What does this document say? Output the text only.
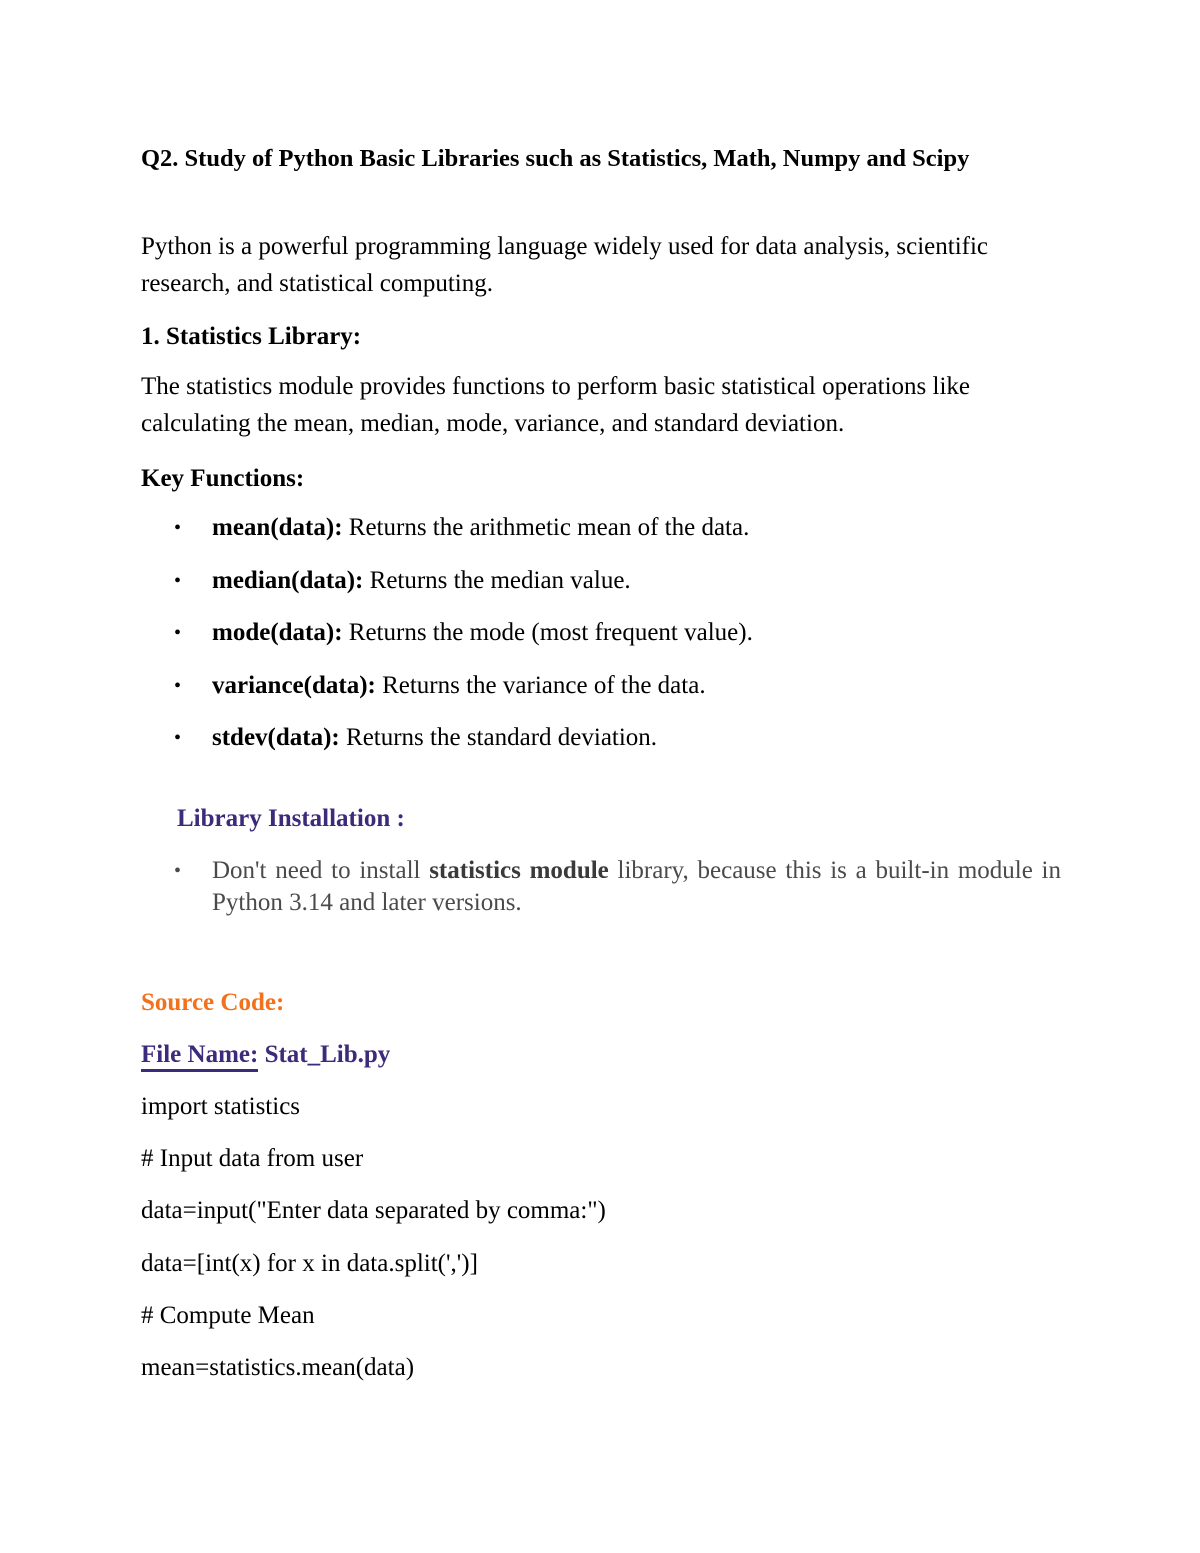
Q2. Study of Python Basic Libraries such as Statistics, Math, Numpy and Scipy

Python is a powerful programming language widely used for data analysis, scientific research, and statistical computing.

1. Statistics Library:

The statistics module provides functions to perform basic statistical operations like calculating the mean, median, mode, variance, and standard deviation.

Key Functions:

• mean(data): Returns the arithmetic mean of the data.
• median(data): Returns the median value.
• mode(data): Returns the mode (most frequent value).
• variance(data): Returns the variance of the data.
• stdev(data): Returns the standard deviation.

Library Installation :

• Don't need to install statistics module library, because this is a built-in module in Python 3.14 and later versions.

Source Code:

File Name: Stat_Lib.py

import statistics
# Input data from user
data=input("Enter data separated by comma:")
data=[int(x) for x in data.split(',')]
# Compute Mean
mean=statistics.mean(data)
